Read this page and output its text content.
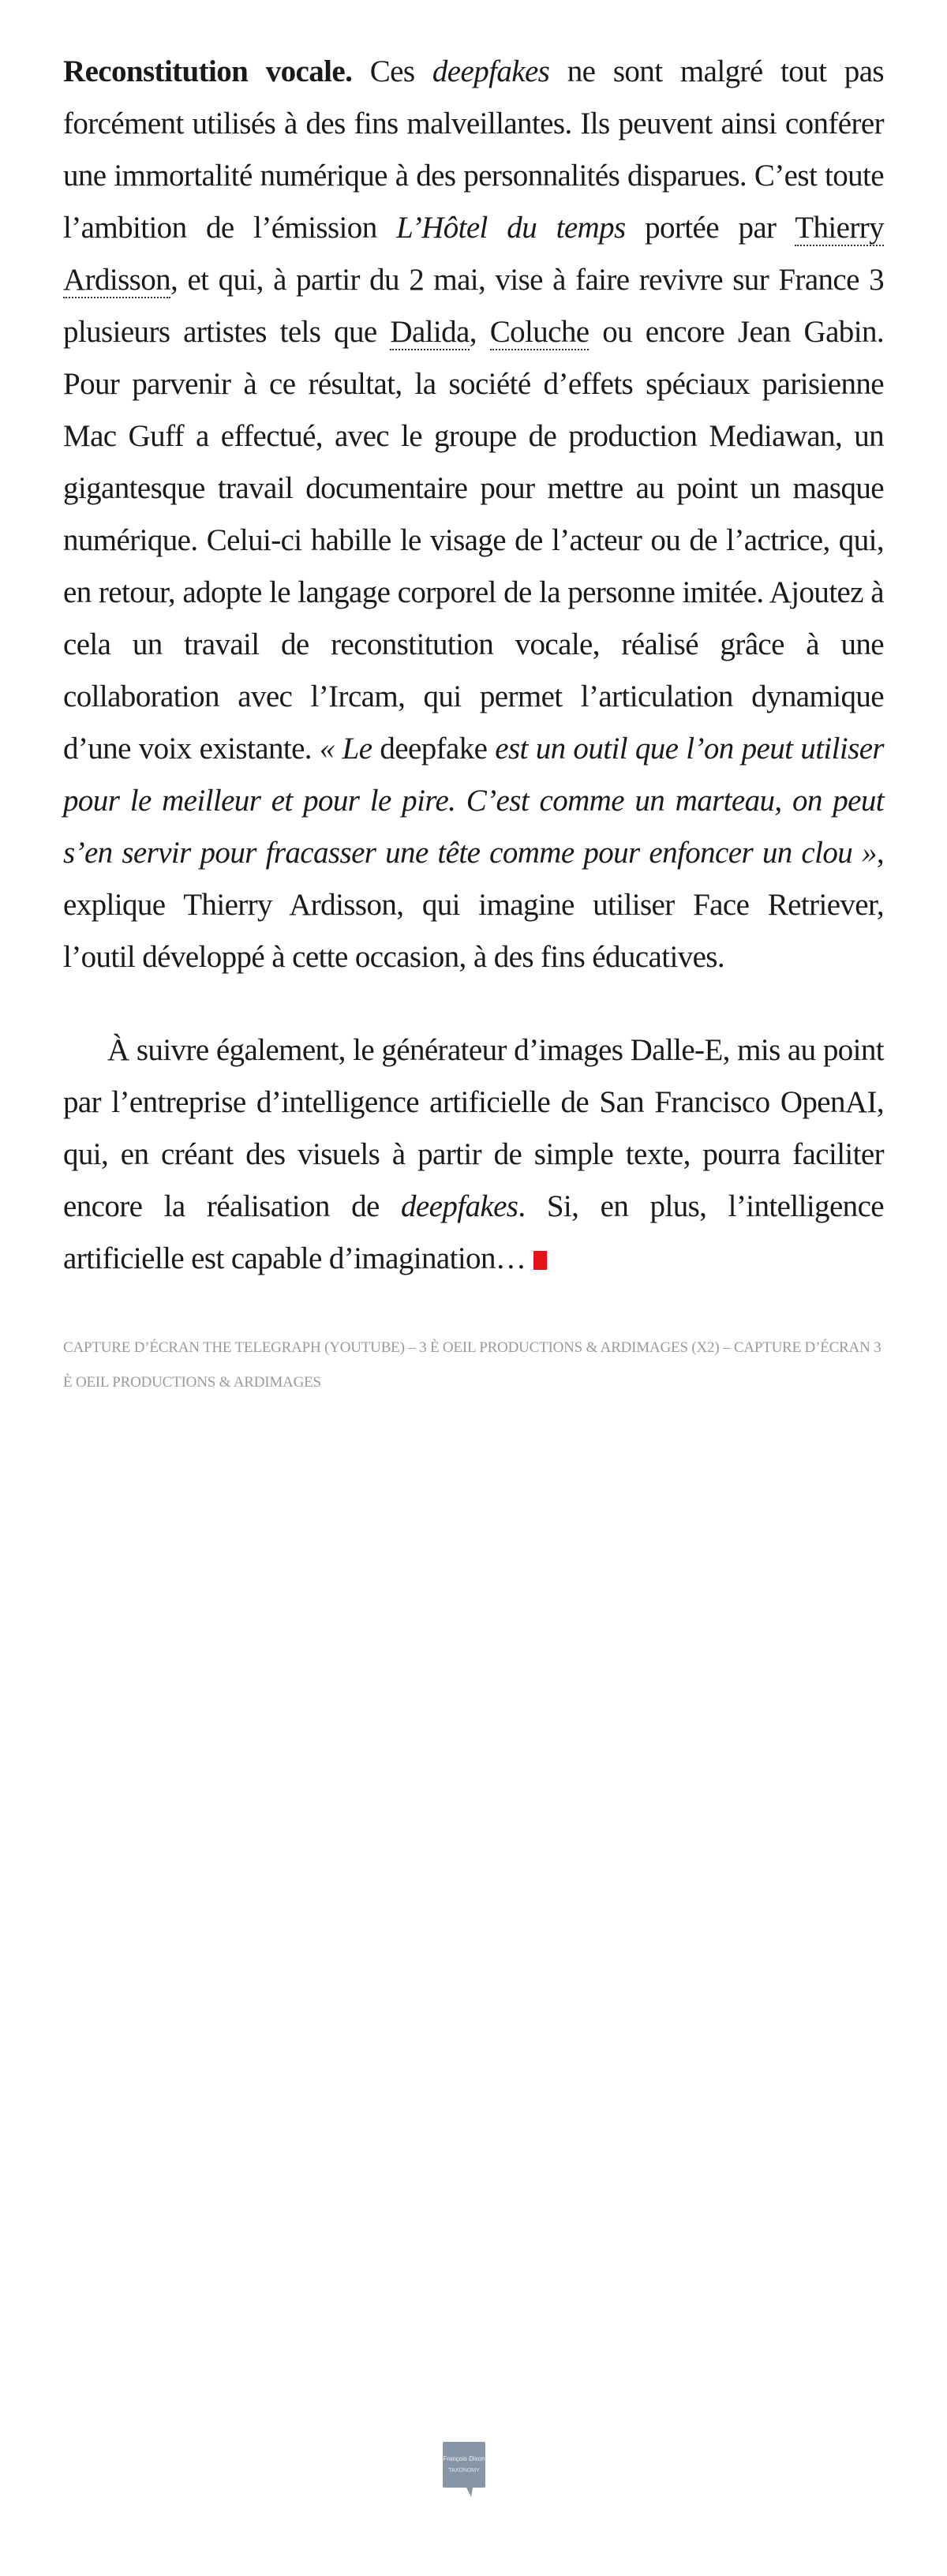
Reconstitution vocale. Ces deepfakes ne sont malgré tout pas forcément utilisés à des fins malveillantes. Ils peuvent ainsi conférer une immortalité numérique à des personnalités disparues. C’est toute l’ambition de l’émission L’Hôtel du temps portée par Thierry Ardisson, et qui, à partir du 2 mai, vise à faire revivre sur France 3 plusieurs artistes tels que Dalida, Coluche ou encore Jean Gabin. Pour parvenir à ce résultat, la société d’effets spéciaux parisienne Mac Guff a effectué, avec le groupe de production Mediawan, un gigantesque travail documentaire pour mettre au point un masque numérique. Celui-ci habille le visage de l’acteur ou de l’actrice, qui, en retour, adopte le langage corporel de la personne imitée. Ajoutez à cela un travail de reconstitution vocale, réalisé grâce à une collaboration avec l’Ircam, qui permet l’articulation dynamique d’une voix existante. « Le deepfake est un outil que l’on peut utiliser pour le meilleur et pour le pire. C’est comme un marteau, on peut s’en servir pour fracasser une tête comme pour enfoncer un clou », explique Thierry Ardisson, qui imagine utiliser Face Retriever, l’outil développé à cette occasion, à des fins éducatives.

À suivre également, le générateur d’images Dalle-E, mis au point par l’entreprise d’intelligence artificielle de San Francisco OpenAI, qui, en créant des visuels à partir de simple texte, pourra faciliter encore la réalisation de deepfakes. Si, en plus, l’intelligence artificielle est capable d’imagination…

CAPTURE D’ÉCRAN THE TELEGRAPH (YOUTUBE) – 3 È OEIL PRODUCTIONS & ARDIMAGES (X2) – CAPTURE D’ÉCRAN 3 È OEIL PRODUCTIONS & ARDIMAGES
François Dixon
TAXONOMY
